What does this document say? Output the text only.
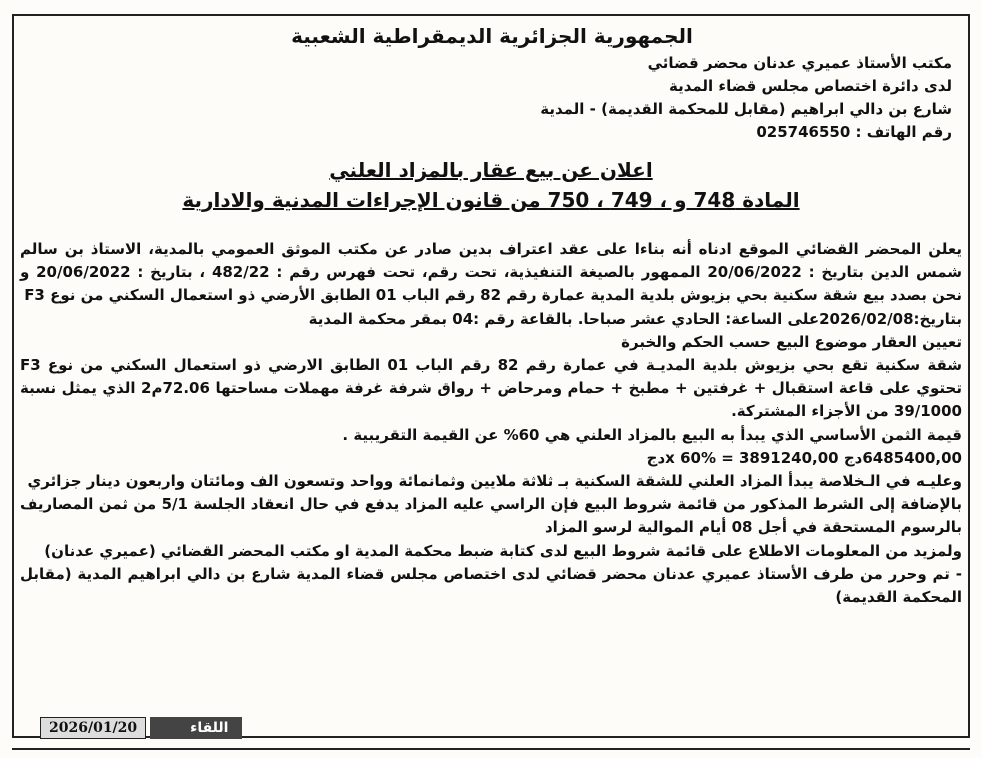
الجمهورية الجزائرية الديمقراطية الشعبية
مكتب الأستاذ عميري عدنان محضر قضائي
لدى دائرة اختصاص مجلس قضاء المدية
شارع بن دالي ابراهيم (مقابل للمحكمة القديمة) - المدية
رقم الهاتف : 025746550
اعلان عن بيع عقار بالمزاد العلني
المادة 748 و ، 749 ، 750 من قانون الإجراءات المدنية والادارية

يعلن المحضر القضائي الموقع ادناه أنه بناءا على عقد اعتراف بدين صادر عن مكتب الموثق العمومي بالمدية، الاستاذ بن سالم شمس الدين بتاريخ : 20/06/2022 الممهور بالصيغة التنفيذية، تحت رقم، تحت فهرس رقم : 482/22 ، بتاريخ : 20/06/2022 و نحن بصدد بيع شقة سكنية بحي بزيوش بلدية المدية عمارة رقم 82 رقم الباب 01 الطابق الأرضي ذو استعمال السكني من نوع F3

بتاريخ:2026/02/08على الساعة: الحادي عشر صباحا. بالقاعة رقم :04 بمقر محكمة المدية

تعيين العقار موضوع البيع حسب الحكم والخبرة

شقة سكنية تقع بحي بزيوش بلدية المديـة في عمارة رقم 82 رقم الباب 01 الطابق الارضي ذو استعمال السكني من نوع F3 تحتوي على قاعة استقبال + غرفتين + مطبخ + حمام ومرحاض + رواق شرفة غرفة مهملات مساحتها 72.06م2 الذي يمثل نسبة 39/1000 من الأجزاء المشتركة.

قيمة الثمن الأساسي الذي يبدأ به البيع بالمزاد العلني هي 60% عن القيمة التقريبية .

6485400,00دج x 60% = 3891240,00دج

وعليـه في الـخلاصة يبدأ المزاد العلني للشقة السكنية بـ ثلاثة ملايين وثمانمائة وواحد وتسعون الف ومائتان واربعون دينار جزائري

بالإضافة إلى الشرط المذكور من قائمة شروط البيع فإن الراسي عليه المزاد يدفع في حال انعقاد الجلسة 5/1 من ثمن المصاريف بالرسوم المستحقة في أجل 08 أيام الموالية لرسو المزاد

ولمزيد من المعلومات الاطلاع على قائمة شروط البيع لدى كتابة ضبط محكمة المدية او مكتب المحضر القضائي (عميري عدنان)

- تم وحرر من طرف الأستاذ عميري عدنان محضر قضائي لدى اختصاص مجلس قضاء المدية شارع بن دالي ابراهيم المدية (مقابل المحكمة القديمة)

2026/01/20	اللقاء
